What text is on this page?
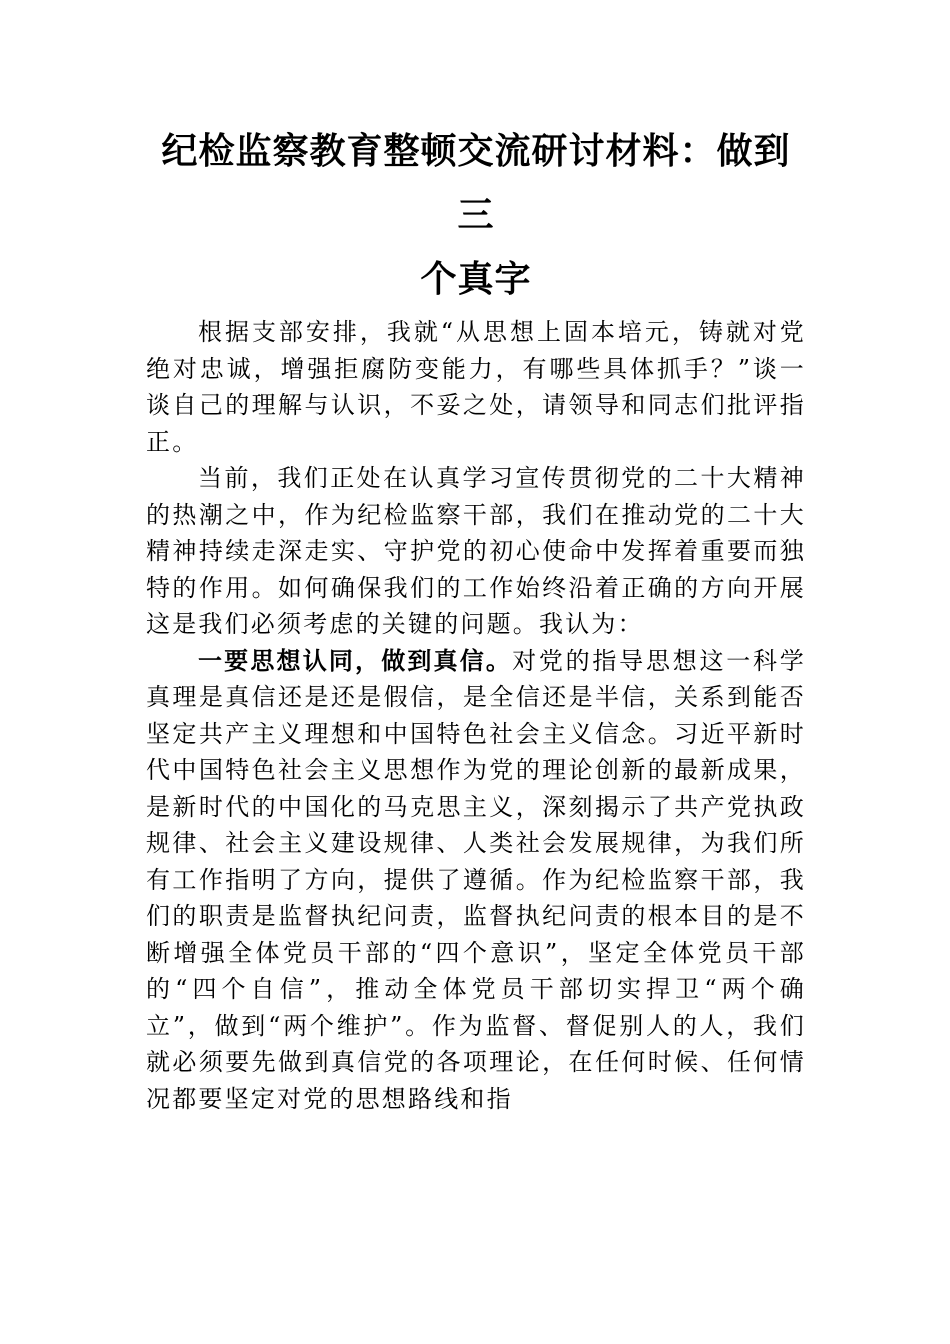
纪检监察教育整顿交流研讨材料：做到三
个真字

根据支部安排，我就“从思想上固本培元，铸就对党绝对忠诚，增强拒腐防变能力，有哪些具体抓手？”谈一谈自己的理解与认识，不妥之处，请领导和同志们批评指正。

当前，我们正处在认真学习宣传贯彻党的二十大精神的热潮之中，作为纪检监察干部，我们在推动党的二十大精神持续走深走实、守护党的初心使命中发挥着重要而独特的作用。如何确保我们的工作始终沿着正确的方向开展这是我们必须考虑的关键的问题。我认为：

一要思想认同，做到真信。对党的指导思想这一科学真理是真信还是还是假信，是全信还是半信，关系到能否坚定共产主义理想和中国特色社会主义信念。习近平新时代中国特色社会主义思想作为党的理论创新的最新成果，是新时代的中国化的马克思主义，深刻揭示了共产党执政规律、社会主义建设规律、人类社会发展规律，为我们所有工作指明了方向，提供了遵循。作为纪检监察干部，我们的职责是监督执纪问责，监督执纪问责的根本目的是不断增强全体党员干部的“四个意识”，坚定全体党员干部的“四个自信”，推动全体党员干部切实捍卫“两个确立”，做到“两个维护”。作为监督、督促别人的人，我们就必须要先做到真信党的各项理论，在任何时候、任何情况都要坚定对党的思想路线和指
